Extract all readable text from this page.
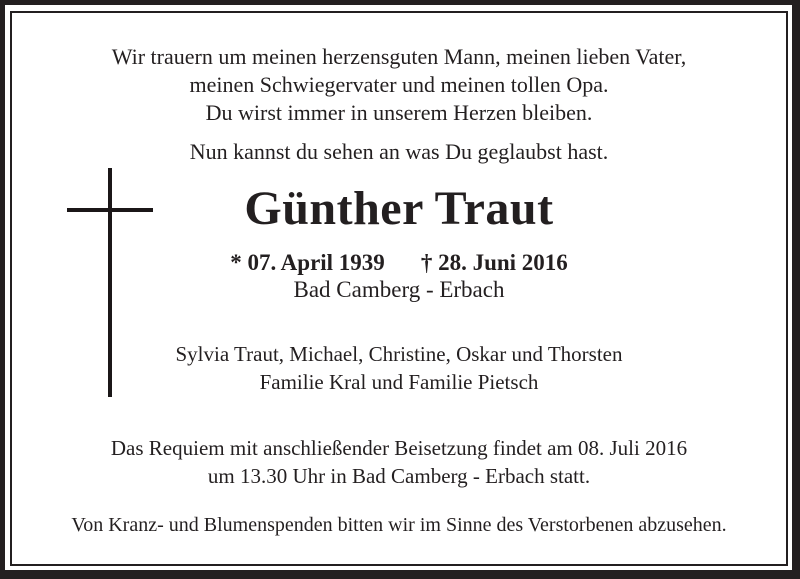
Wir trauern um meinen herzensguten Mann, meinen lieben Vater,
meinen Schwiegervater und meinen tollen Opa.
Du wirst immer in unserem Herzen bleiben.
Nun kannst du sehen an was Du geglaubst hast.
Günther Traut
* 07. April 1939 † 28. Juni 2016
Bad Camberg - Erbach
Sylvia Traut, Michael, Christine, Oskar und Thorsten
Familie Kral und Familie Pietsch
Das Requiem mit anschließender Beisetzung findet am 08. Juli 2016
um 13.30 Uhr in Bad Camberg - Erbach statt.
Von Kranz- und Blumenspenden bitten wir im Sinne des Verstorbenen abzusehen.
